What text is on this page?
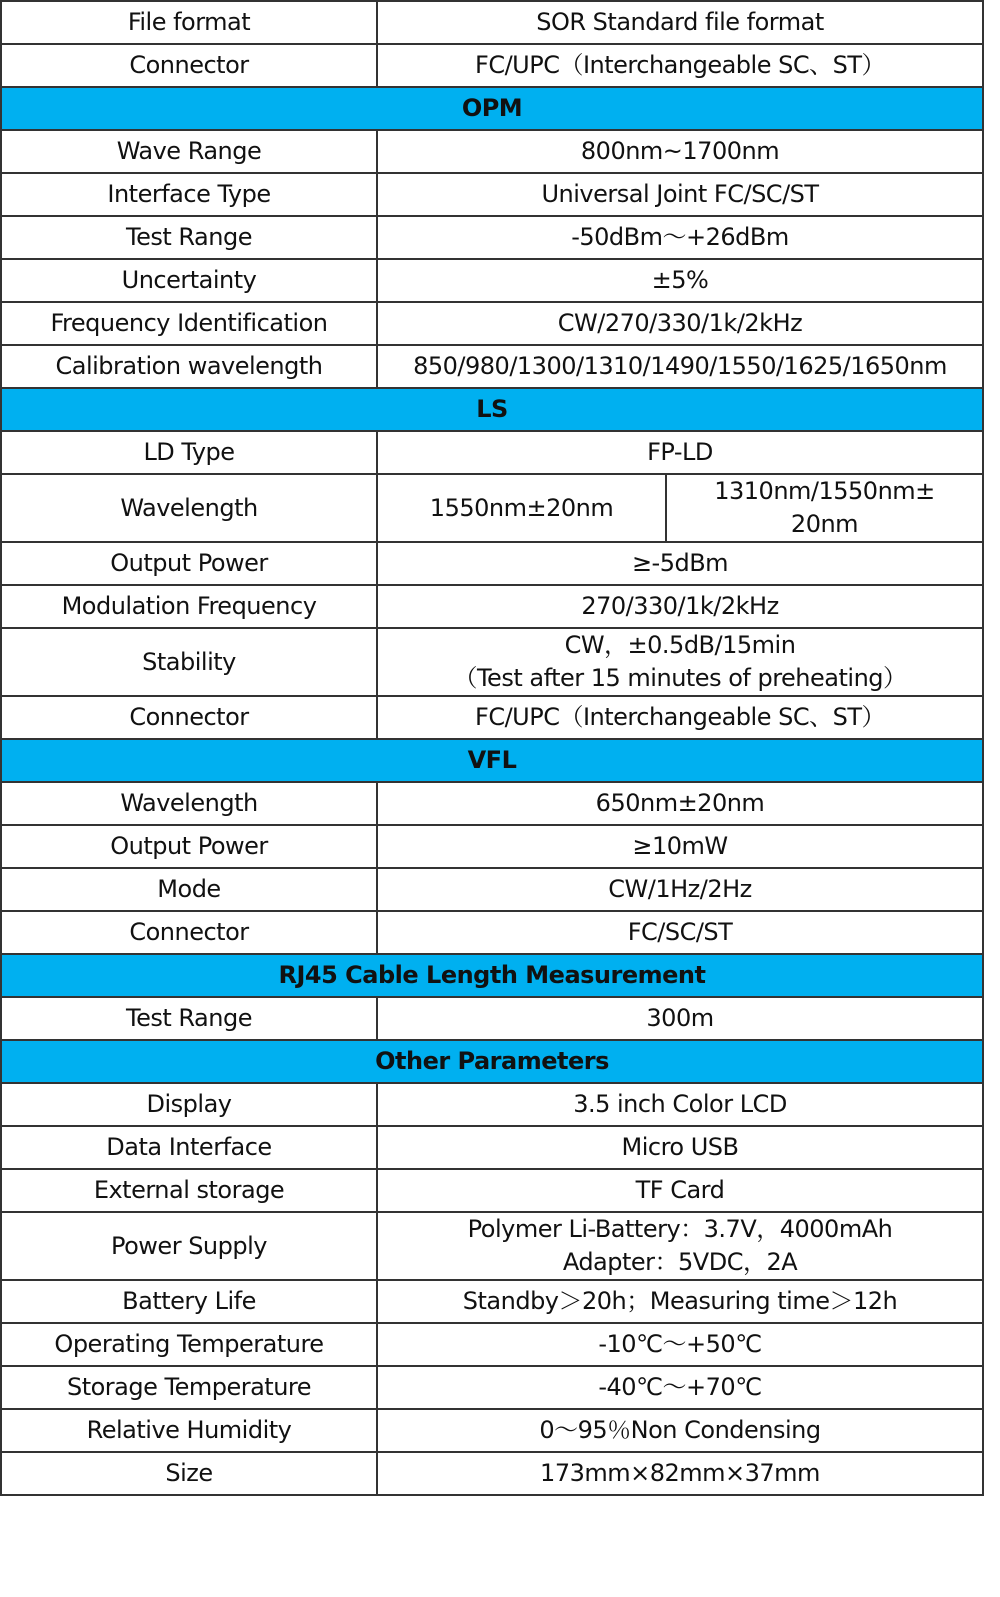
File format	SOR Standard file format	
Connector	FC/UPC（Interchangeable SC、ST）	
OPM		
Wave Range	800nm~1700nm	
Interface Type	Universal Joint FC/SC/ST	
Test Range	-50dBm～+26dBm	
Uncertainty	±5%	
Frequency Identification	CW/270/330/1k/2kHz	
Calibration wavelength	850/980/1300/1310/1490/1550/1625/1650nm	
LS		
LD Type	FP-LD	
Wavelength	1550nm±20nm	1310nm/1550nm±
20nm

Output Power	≥-5dBm	
Modulation Frequency	270/330/1k/2kHz	
Stability	CW，±0.5dB/15min
（Test after 15 minutes of preheating）	

Connector	FC/UPC（Interchangeable SC、ST）	
VFL		
Wavelength	650nm±20nm	
Output Power	≥10mW	
Mode	CW/1Hz/2Hz	
Connector	FC/SC/ST	
RJ45 Cable Length Measurement		
Test Range	300m	
Other Parameters		
Display	3.5 inch Color LCD	
Data Interface	Micro USB	
External storage	TF Card	
Power Supply	Polymer Li-Battery：3.7V，4000mAh
Adapter：5VDC，2A	

Battery Life	Standby＞20h；Measuring time＞12h	
Operating Temperature	-10℃～+50℃	
Storage Temperature	-40℃～+70℃	
Relative Humidity	0～95％Non Condensing	
Size	173mm×82mm×37mm	
